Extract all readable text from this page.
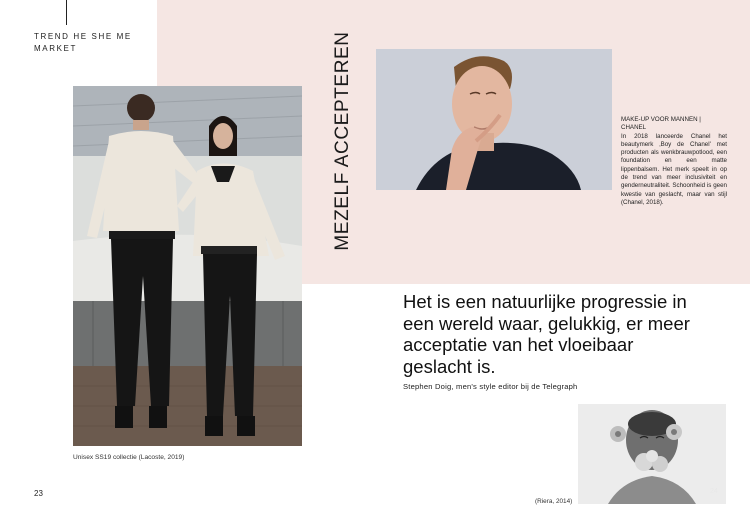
TREND HE SHE ME MARKET	MEZELF ACCEPTEREN	MAKE-UP VOOR MANNEN | CHANEL
In 2018 lanceerde Chanel het beautymerk ‚Boy de Chanel' met producten als wenkbrauwpotlood, een foundation en een matte lippenbalsem. Het merk speelt in op de trend van meer inclusiviteit en genderneutraliteit. Schoonheid is geen kwestie van geslacht, maar van stijl (Chanel, 2018).
Het is een natuurlijke progressie in een wereld waar, gelukkig, er meer acceptatie van het vloeibaar geslacht is.
Stephen Doig, men's style editor bij de Telegraph
Unisex SS19 collectie (Lacoste, 2019)
(Riera, 2014)
23	24
